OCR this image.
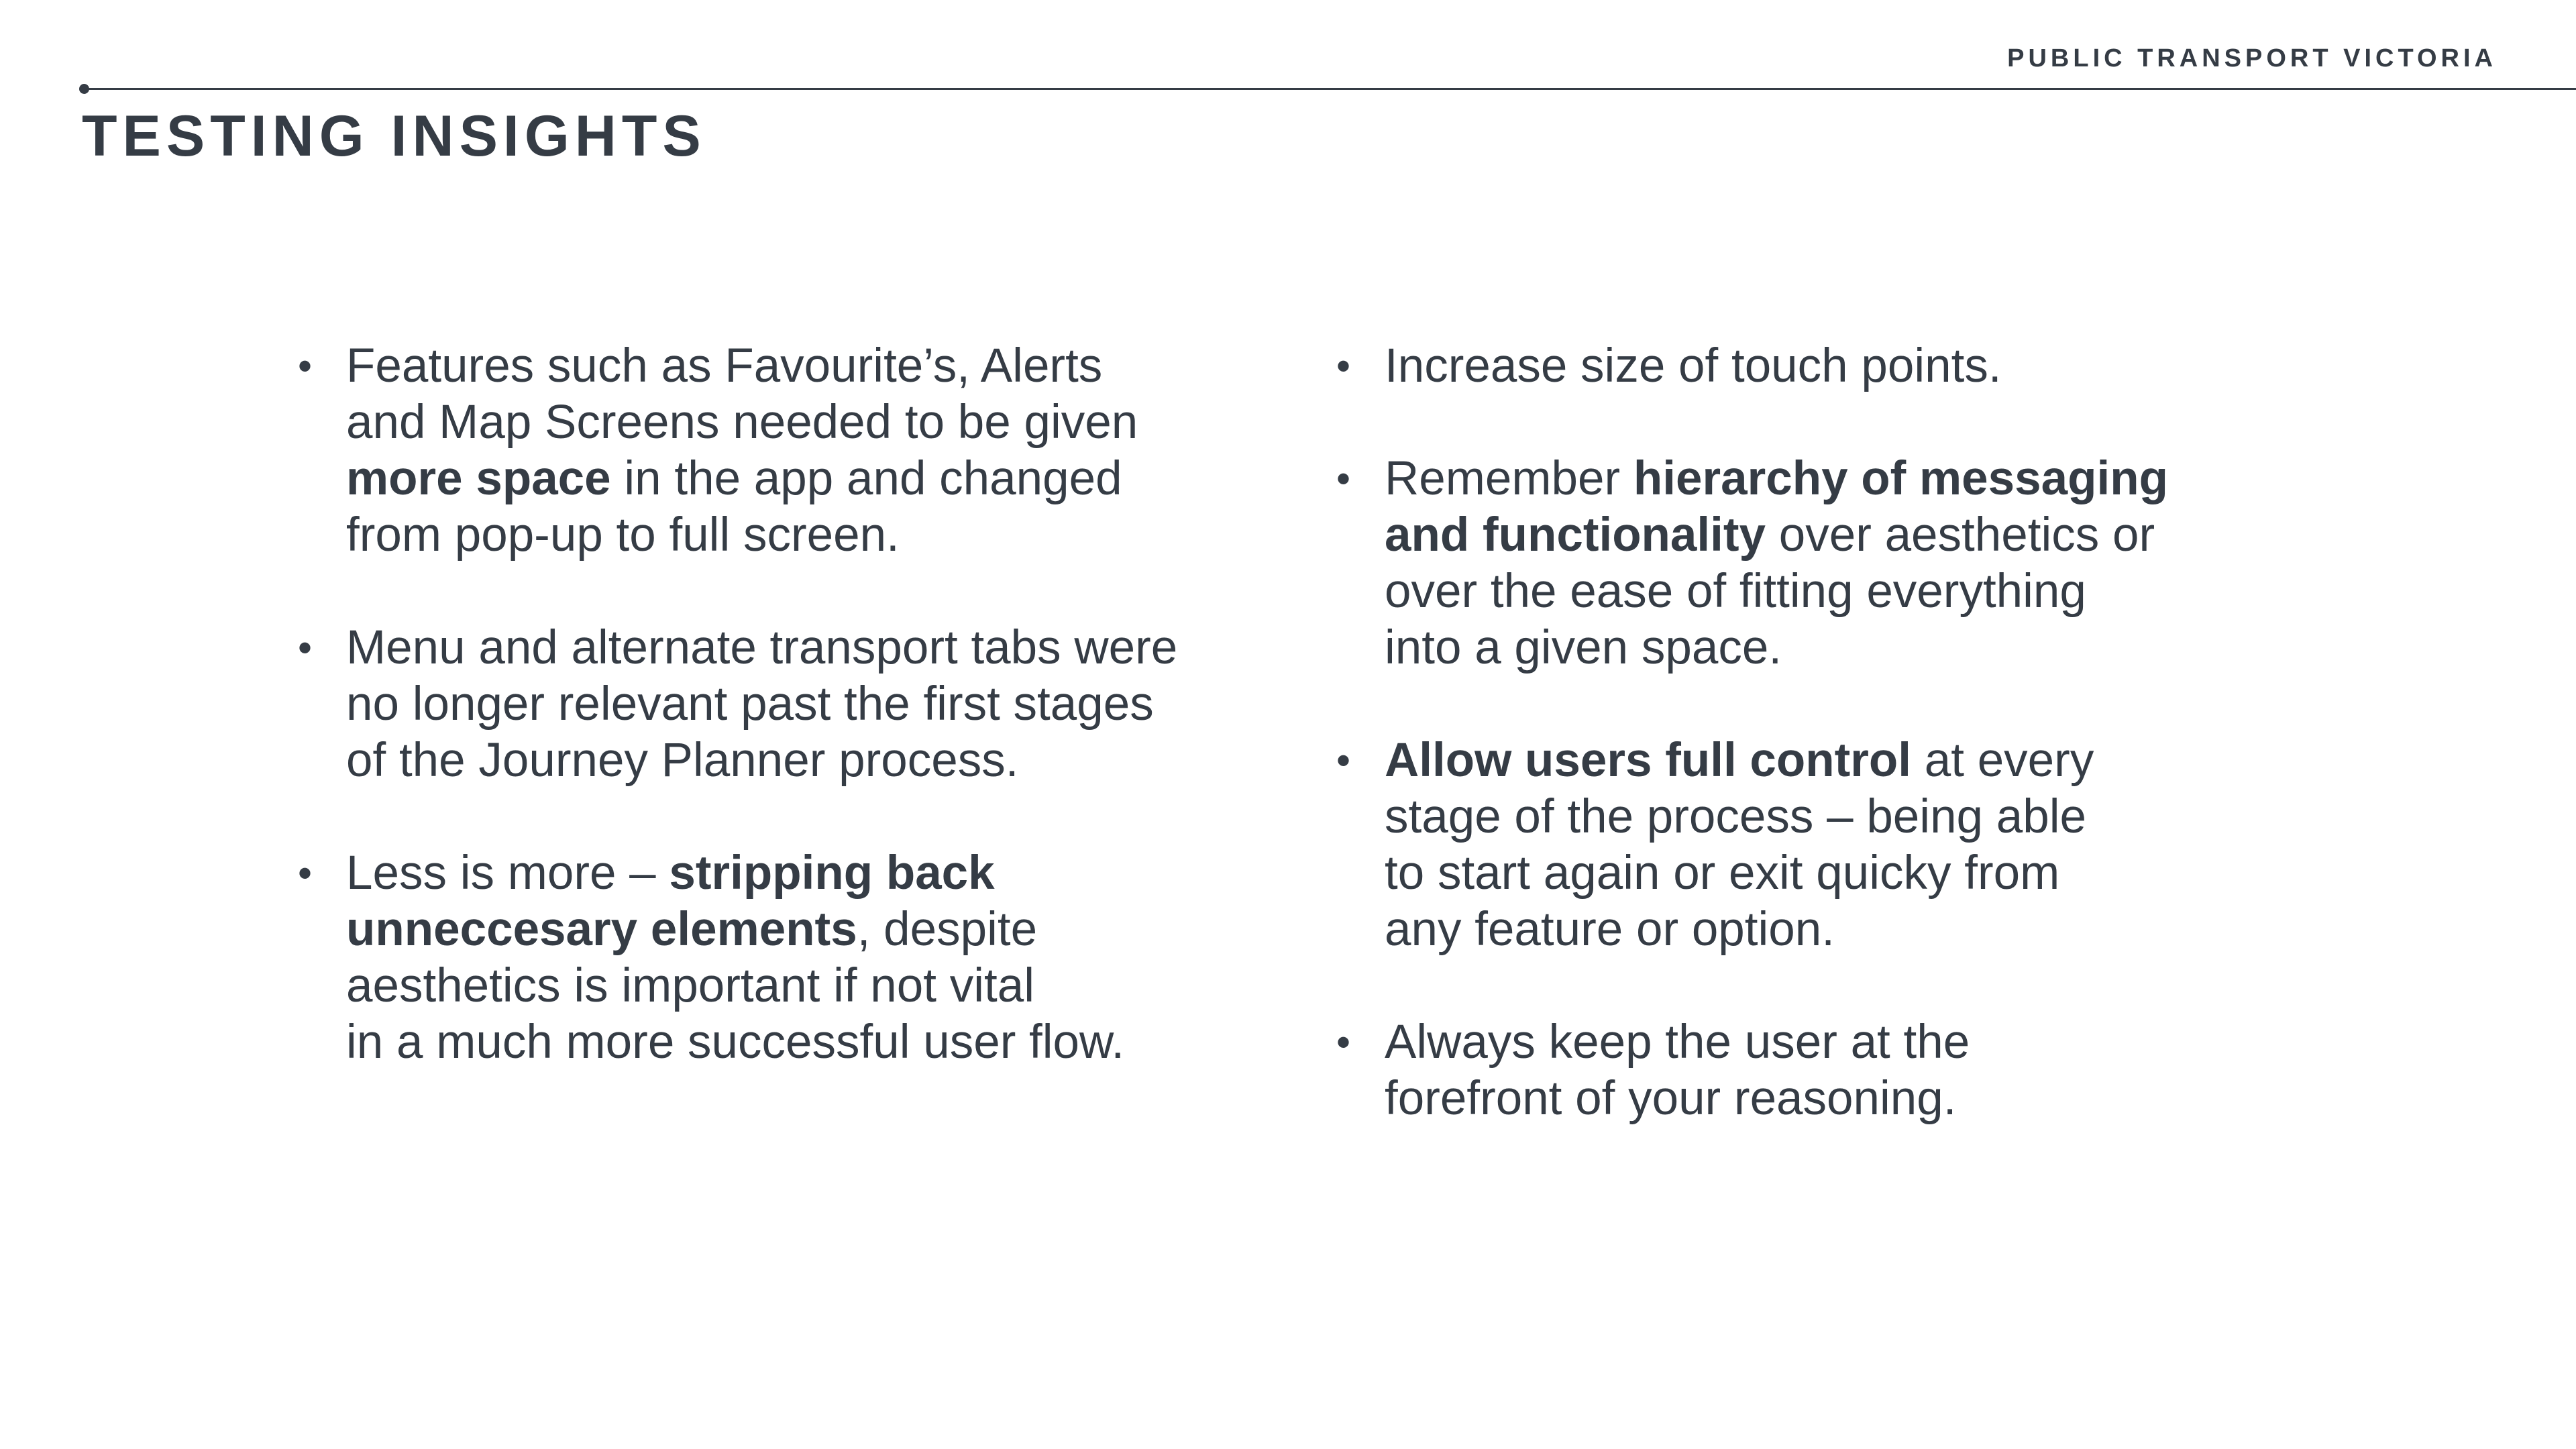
PUBLIC TRANSPORT VICTORIA
TESTING INSIGHTS
• Features such as Favourite’s, Alerts
and Map Screens needed to be given
more space in the app and changed
from pop-up to full screen.
• Menu and alternate transport tabs were
no longer relevant past the first stages
of the Journey Planner process.
• Less is more – stripping back
unneccesary elements, despite
aesthetics is important if not vital
in a much more successful user flow.
• Increase size of touch points.
• Remember hierarchy of messaging
and functionality over aesthetics or
over the ease of fitting everything
into a given space.
• Allow users full control at every
stage of the process – being able
to start again or exit quicky from
any feature or option.
• Always keep the user at the
forefront of your reasoning.
